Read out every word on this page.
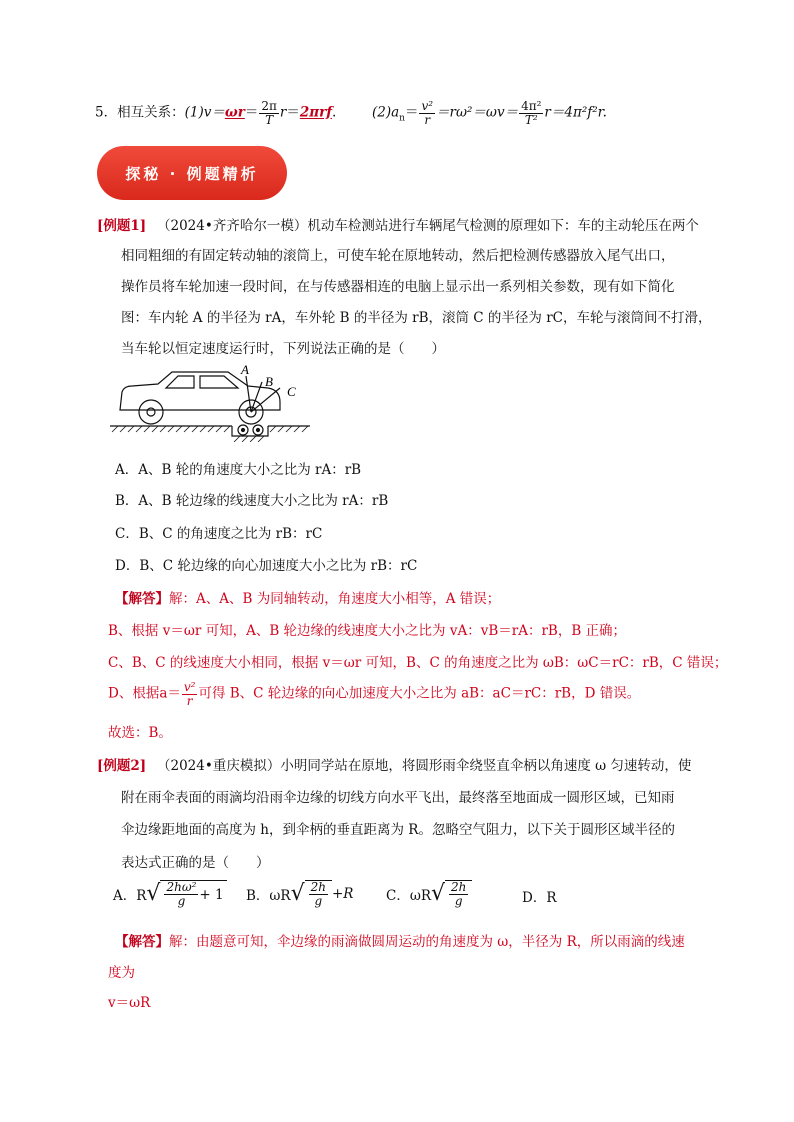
5．相互关系：$(1)v=\omega r= \frac{2\pi}{T} r=2\pi rf$.	$(2)a_n= \frac{\text{v²}}{r} =r\omega^2=\omega v= \frac{\text{4π²}}{\text{T²}} r=4\pi^2f^2r$.
探秘 · 例题精析
[例题1] （2024•齐齐哈尔一模）机动车检测站进行车辆尾气检测的原理如下：车的主动轮压在两个
相同粗细的有固定转动轴的滚筒上，可使车轮在原地转动，然后把检测传感器放入尾气出口，
操作员将车轮加速一段时间，在与传感器相连的电脑上显示出一系列相关参数，现有如下简化
图：车内轮 A 的半径为 rA，车外轮 B 的半径为 rB，滚筒 C 的半径为 rC，车轮与滚筒间不打滑，
当车轮以恒定速度运行时，下列说法正确的是（　　）
A
B
C
A．A、B 轮的角速度大小之比为 rA：rB
B．A、B 轮边缘的线速度大小之比为 rA：rB
C．B、C 的角速度之比为 rB：rC
D．B、C 轮边缘的向心加速度大小之比为 rB：rC
【解答】解：A、A、B 为同轴转动，角速度大小相等，A 错误；
B、根据 v＝ωr 可知，A、B 轮边缘的线速度大小之比为 vA：vB＝rA：rB，B 正确；
C、B、C 的线速度大小相同，根据 v＝ωr 可知，B、C 的角速度之比为 ωB：ωC＝rC：rB，C 错误；
D、根据$a= \frac{\text{v²}}{r}$ 可得 B、C 轮边缘的向心加速度大小之比为 aB：aC＝rC：rB，D 错误。
故选：B。
[例题2] （2024•重庆模拟）小明同学站在原地，将圆形雨伞绕竖直伞柄以角速度 ω 匀速转动，使
附在雨伞表面的雨滴均沿雨伞边缘的切线方向水平飞出，最终落至地面成一圆形区域，已知雨
伞边缘距地面的高度为 h，到伞柄的垂直距离为 R。忽略空气阻力，以下关于圆形区域半径的
表达式正确的是（　　）
A．R √ $\frac{\text{2hω²}}{g} + 1$ B．ωR √ $\frac{2h}{g} +R$ C．ωR √ $\frac{2h}{g}$	D．R
【解答】解：由题意可知，伞边缘的雨滴做圆周运动的角速度为 ω，半径为 R，所以雨滴的线速
度为
v＝ωR
